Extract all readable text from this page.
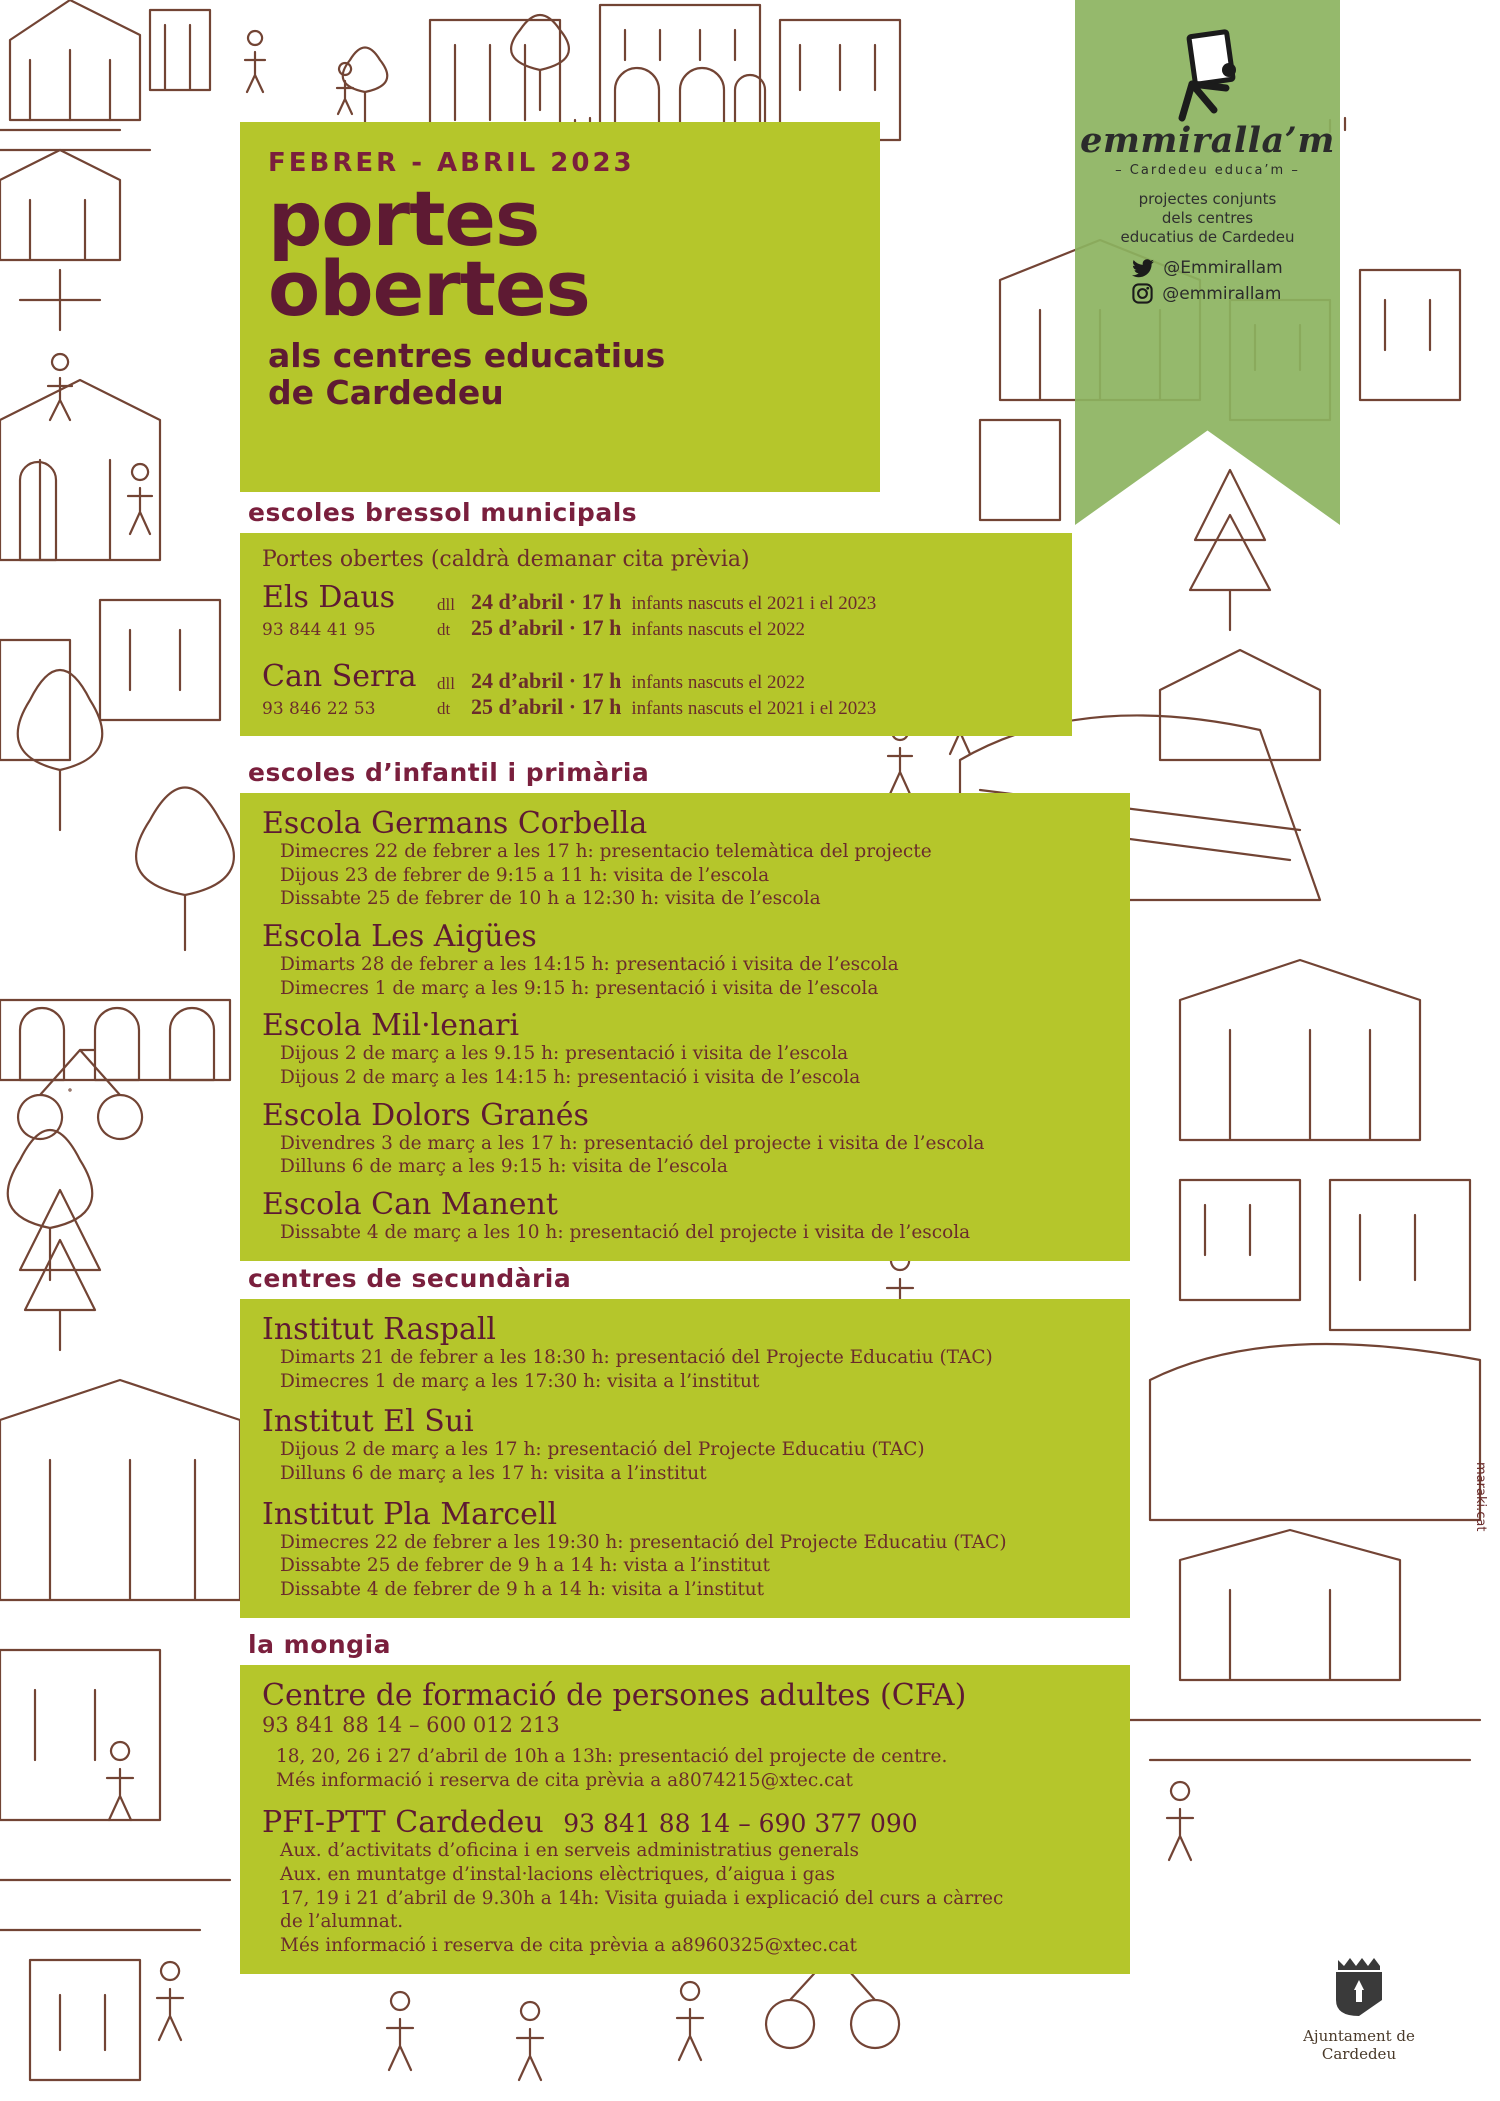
emmiralla’m
– Cardedeu educa’m –
projectes conjunts
dels centres
educatius de Cardedeu
@Emmirallam
@emmirallam
FEBRER - ABRIL 2023
portes
obertes
als centres educatius
de Cardedeu
escoles bressol municipals
Portes obertes (caldrà demanar cita prèvia)
Els Daus	dll 24 d’abril · 17 h infants nascuts el 2021 i el 2023
93 844 41 95	dt 25 d’abril · 17 h infants nascuts el 2022
Can Serra	dll 24 d’abril · 17 h infants nascuts el 2022
93 846 22 53	dt 25 d’abril · 17 h infants nascuts el 2021 i el 2023
escoles d’infantil i primària
Escola Germans Corbella
Dimecres 22 de febrer a les 17 h: presentacio telemàtica del projecte
Dijous 23 de febrer de 9:15 a 11 h: visita de l’escola
Dissabte 25 de febrer de 10 h a 12:30 h: visita de l’escola
Escola Les Aigües
Dimarts 28 de febrer a les 14:15 h: presentació i visita de l’escola
Dimecres 1 de març a les 9:15 h: presentació i visita de l’escola
Escola Mil·lenari
Dijous 2 de març a les 9.15 h: presentació i visita de l’escola
Dijous 2 de març a les 14:15 h: presentació i visita de l’escola
Escola Dolors Granés
Divendres 3 de març a les 17 h: presentació del projecte i visita de l’escola
Dilluns 6 de març a les 9:15 h: visita de l’escola
Escola Can Manent
Dissabte 4 de març a les 10 h: presentació del projecte i visita de l’escola
centres de secundària
Institut Raspall
Dimarts 21 de febrer a les 18:30 h: presentació del Projecte Educatiu (TAC)
Dimecres 1 de març a les 17:30 h: visita a l’institut
Institut El Sui
Dijous 2 de març a les 17 h: presentació del Projecte Educatiu (TAC)
Dilluns 6 de març a les 17 h: visita a l’institut
Institut Pla Marcell
Dimecres 22 de febrer a les 19:30 h: presentació del Projecte Educatiu (TAC)
Dissabte 25 de febrer de 9 h a 14 h: vista a l’institut
Dissabte 4 de febrer de 9 h a 14 h: visita a l’institut
la mongia
Centre de formació de persones adultes (CFA)
93 841 88 14 – 600 012 213
18, 20, 26 i 27 d’abril de 10h a 13h: presentació del projecte de centre.
Més informació i reserva de cita prèvia a a8074215@xtec.cat
PFI-PTT Cardedeu 93 841 88 14 – 690 377 090
Aux. d’activitats d’oficina i en serveis administratius generals
Aux. en muntatge d’instal·lacions elèctriques, d’aigua i gas
17, 19 i 21 d’abril de 9.30h a 14h: Visita guiada i explicació del curs a càrrec
de l’alumnat.
Més informació i reserva de cita prèvia a a8960325@xtec.cat
maraki.cat
Ajuntament de Cardedeu
